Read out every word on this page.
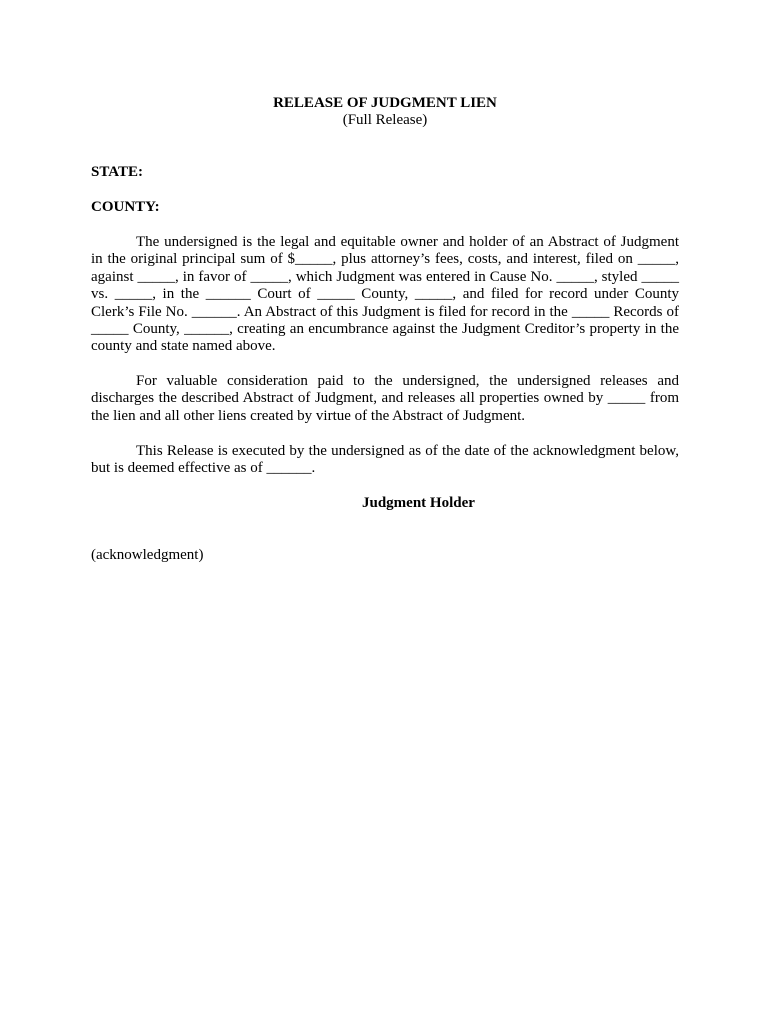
RELEASE OF JUDGMENT LIEN
(Full Release)
STATE:
COUNTY:

The undersigned is the legal and equitable owner and holder of an Abstract of Judgment in the original principal sum of $_____, plus attorney’s fees, costs, and interest, filed on _____, against _____, in favor of _____, which Judgment was entered in Cause No. _____, styled _____ vs. _____, in the ______ Court of _____ County, _____, and filed for record under County Clerk’s File No. ______. An Abstract of this Judgment is filed for record in the _____ Records of _____ County, ______, creating an encumbrance against the Judgment Creditor’s property in the county and state named above.

For valuable consideration paid to the undersigned, the undersigned releases and discharges the described Abstract of Judgment, and releases all properties owned by _____ from the lien and all other liens created by virtue of the Abstract of Judgment.

This Release is executed by the undersigned as of the date of the acknowledgment below, but is deemed effective as of ______.

Judgment Holder
(acknowledgment)
